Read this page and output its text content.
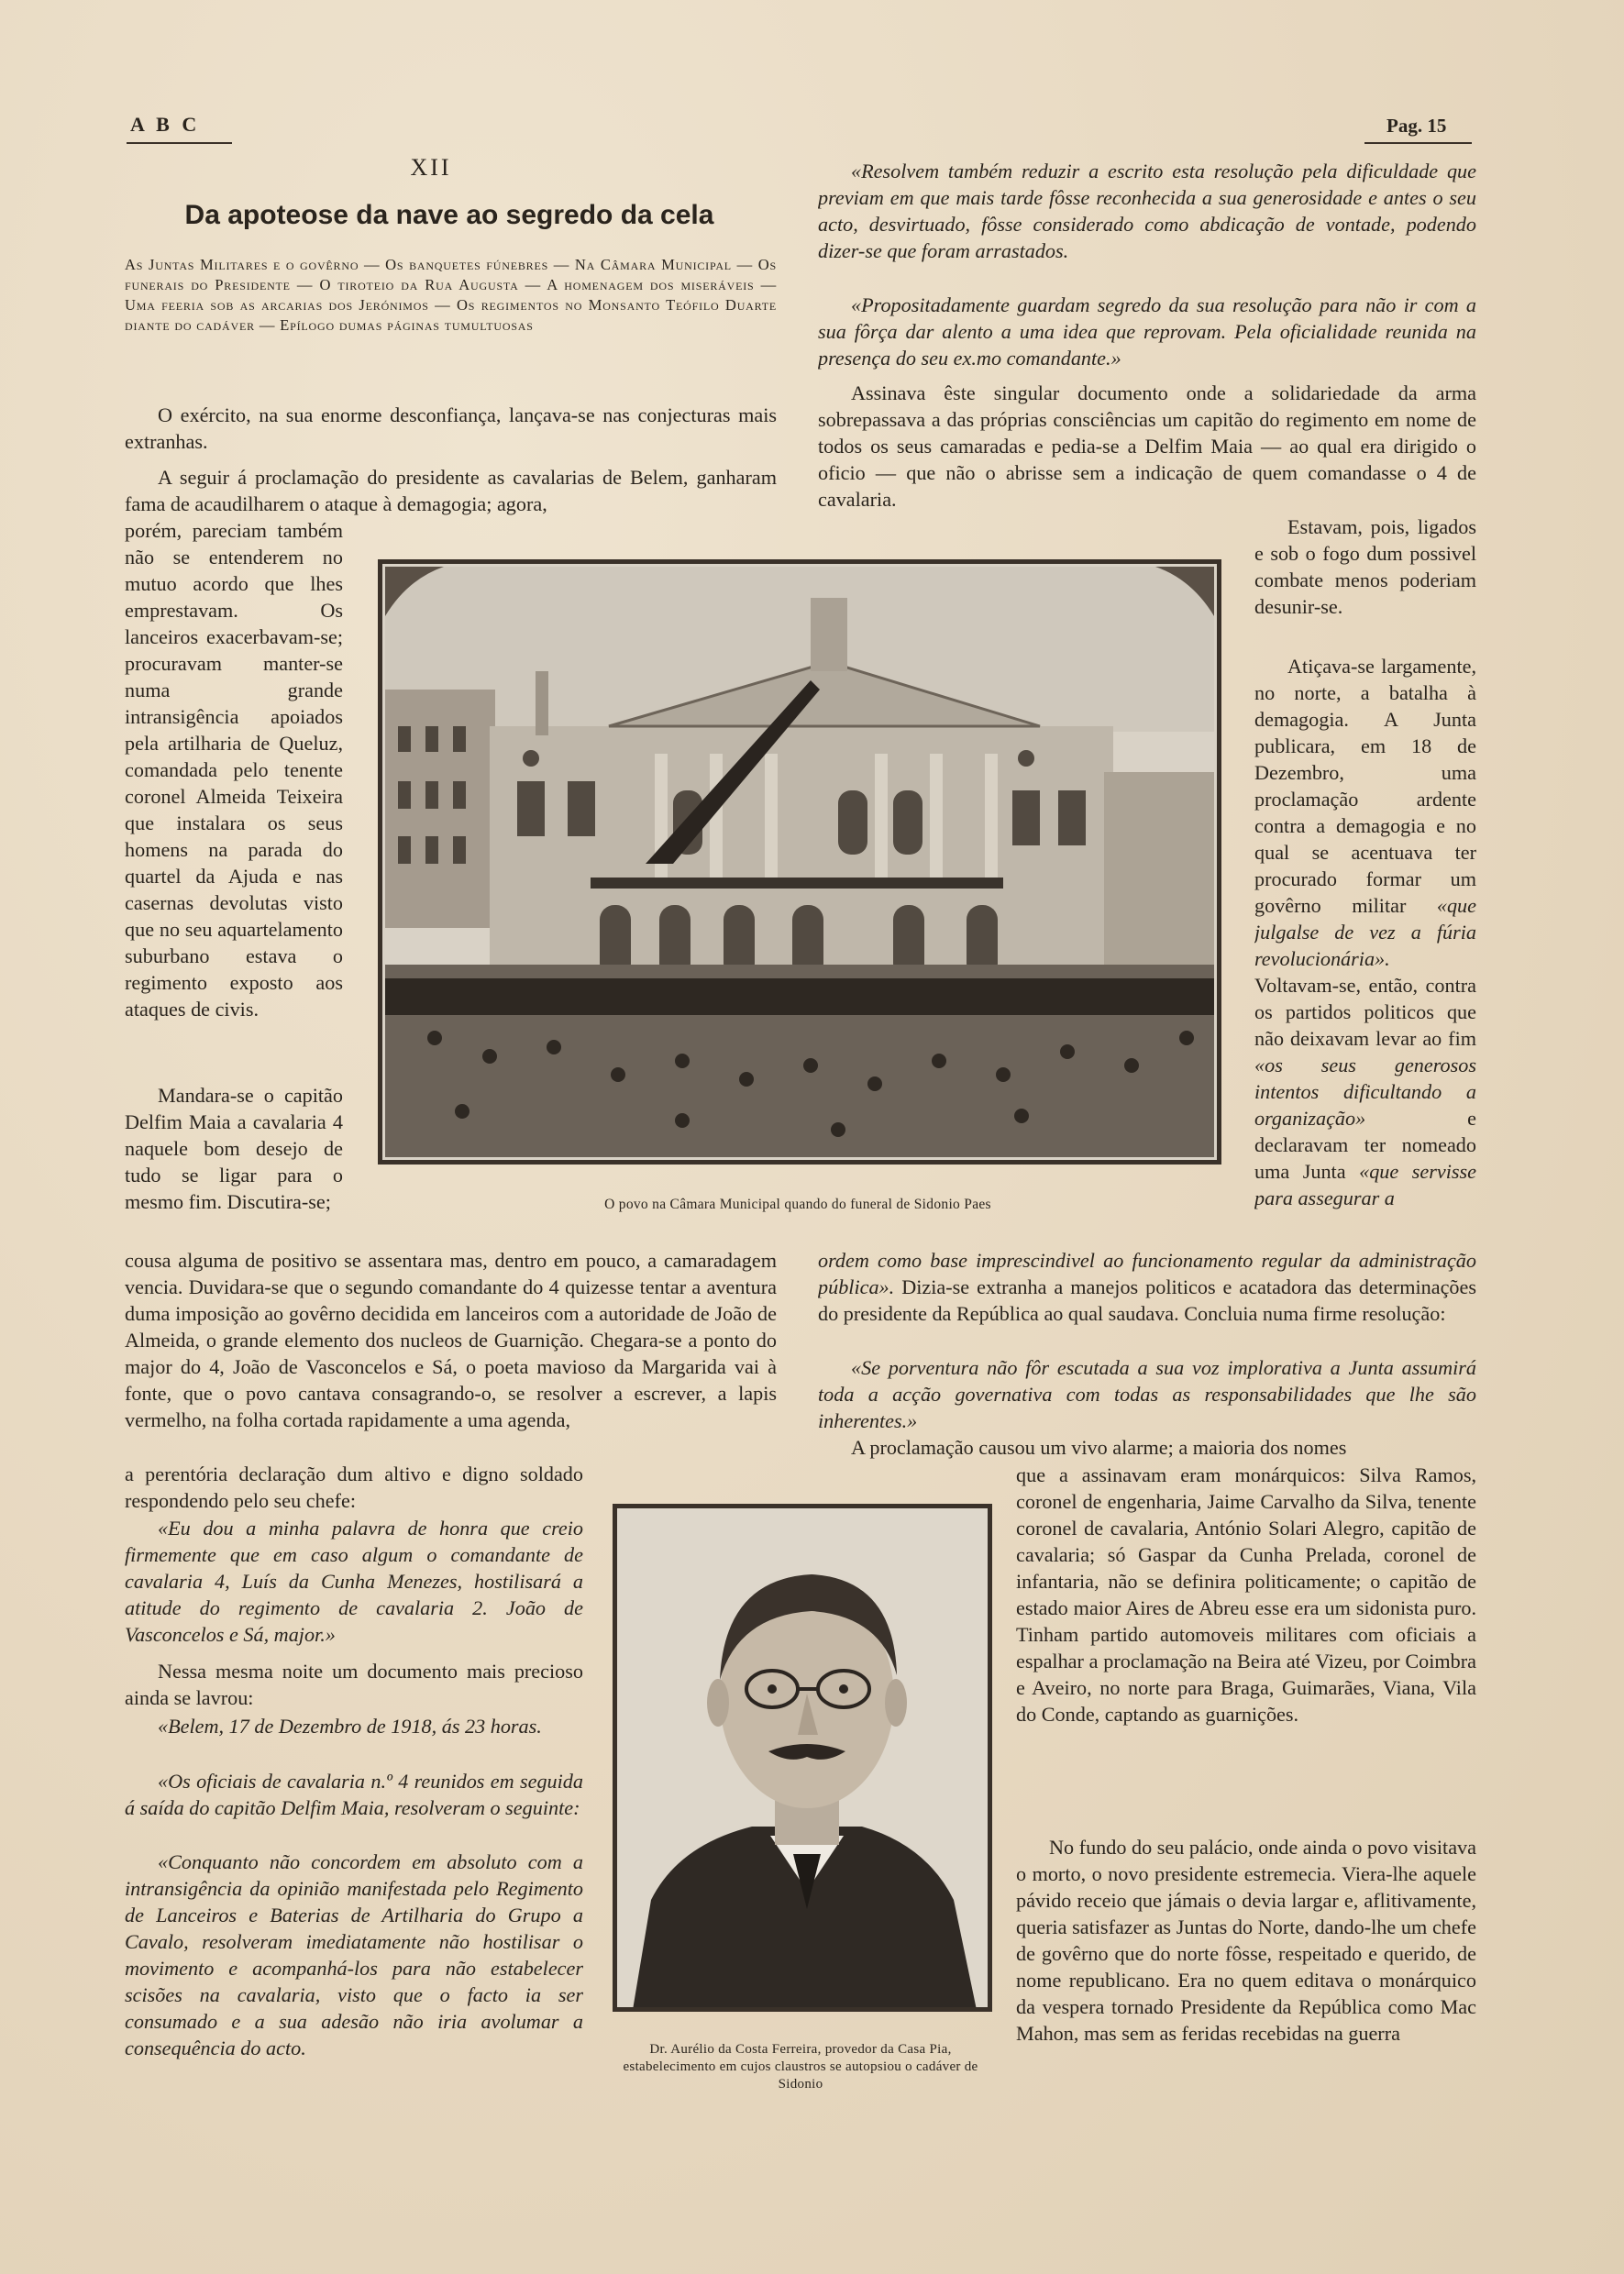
A B C	Pag. 15
XII
Da apoteose da nave ao segredo da cela
As Juntas Militares e o govêrno — Os banquetes fúnebres — Na Câmara Municipal — Os funerais do Presidente — O tiroteio da Rua Augusta — A homenagem dos miseráveis — Uma feeria sob as arcarias dos Jerónimos — Os regimentos no Monsanto Teófilo Duarte diante do cadáver — Epílogo dumas páginas tumultuosas
O exército, na sua enorme desconfiança, lançava-se nas conjecturas mais extranhas.
A seguir á proclamação do presidente as cavalarias de Belem, ganharam fama de acaudilharem o ataque à demagogia; agora,
porém, pareciam também não se entenderem no mutuo acordo que lhes emprestavam. Os lanceiros exacerbavam-se; procuravam manter-se numa grande intransigência apoiados pela artilharia de Queluz, comandada pelo tenente coronel Almeida Teixeira que instalara os seus homens na parada do quartel da Ajuda e nas casernas devolutas visto que no seu aquartelamento suburbano estava o regimento exposto aos ataques de civis.
Mandara-se o capitão Delfim Maia a cavalaria 4 naquele bom desejo de tudo se ligar para o mesmo fim. Discutira-se;
cousa alguma de positivo se assentara mas, dentro em pouco, a camaradagem vencia. Duvidara-se que o segundo comandante do 4 quizesse tentar a aventura duma imposição ao govêrno decidida em lanceiros com a autoridade de João de Almeida, o grande elemento dos nucleos de Guarnição. Chegara-se a ponto do major do 4, João de Vasconcelos e Sá, o poeta mavioso da Margarida vai à fonte, que o povo cantava consagrando-o, se resolver a escrever, a lapis vermelho, na folha cortada rapidamente a uma agenda,
a perentória declaração dum altivo e digno soldado respondendo pelo seu chefe:
«Eu dou a minha palavra de honra que creio firmemente que em caso algum o comandante de cavalaria 4, Luís da Cunha Menezes, hostilisará a atitude do regimento de cavalaria 2. João de Vasconcelos e Sá, major.»
Nessa mesma noite um documento mais precioso ainda se lavrou:
«Belem, 17 de Dezembro de 1918, ás 23 horas.
«Os oficiais de cavalaria n.º 4 reunidos em seguida á saída do capitão Delfim Maia, resolveram o seguinte:
«Conquanto não concordem em absoluto com a intransigência da opinião manifestada pelo Regimento de Lanceiros e Baterias de Artilharia do Grupo a Cavalo, resolveram imediatamente não hostilisar o movimento e acompanhá-los para não estabelecer scisões na cavalaria, visto que o facto ia ser consumado e a sua adesão não iria avolumar a consequência do acto.
«Resolvem também reduzir a escrito esta resolução pela dificuldade que previam em que mais tarde fôsse reconhecida a sua generosidade e antes o seu acto, desvirtuado, fôsse considerado como abdicação de vontade, podendo dizer-se que foram arrastados.
«Propositadamente guardam segredo da sua resolução para não ir com a sua fôrça dar alento a uma idea que reprovam. Pela oficialidade reunida na presença do seu ex.mo comandante.»
Assinava êste singular documento onde a solidariedade da arma sobrepassava a das próprias consciências um capitão do regimento em nome de todos os seus camaradas e pedia-se a Delfim Maia — ao qual era dirigido o oficio — que não o abrisse sem a indicação de quem comandasse o 4 de cavalaria.
Estavam, pois, ligados e sob o fogo dum possivel combate menos poderiam desunir-se.
Atiçava-se largamente, no norte, a batalha à demagogia. A Junta publicara, em 18 de Dezembro, uma proclamação ardente contra a demagogia e no qual se acentuava ter procurado formar um govêrno militar «que julgalse de vez a fúria revolucionária». Voltavam-se, então, contra os partidos politicos que não deixavam levar ao fim «os seus generosos intentos dificultando a organização»	e declaravam ter nomeado uma Junta «que servisse para assegurar a
ordem como base imprescindivel ao funcionamento regular da administração pública». Dizia-se extranha a manejos politicos e acatadora das determinações do presidente da República ao qual saudava. Concluia numa firme resolução:
«Se porventura não fôr escutada a sua voz implorativa a Junta assumirá toda a acção governativa com todas as responsabilidades que lhe são inherentes.»
A proclamação causou um vivo alarme; a maioria dos nomes
que a assinavam eram monárquicos: Silva Ramos, coronel de engenharia, Jaime Carvalho da Silva, tenente coronel de cavalaria, António Solari Alegro, capitão de cavalaria; só Gaspar da Cunha Prelada, coronel de infantaria, não se definira politicamente; o capitão de estado maior Aires de Abreu esse era um sidonista puro. Tinham partido automoveis militares com oficiais a espalhar a proclamação na Beira até Vizeu, por Coimbra e Aveiro, no norte para Braga, Guimarães, Viana, Vila do Conde, captando as guarnições.
No fundo do seu palácio, onde ainda o povo visitava o morto, o novo presidente estremecia. Viera-lhe aquele pávido receio que jámais o devia largar e, aflitivamente, queria satisfazer as Juntas do Norte, dando-lhe um chefe de govêrno que do norte fôsse, respeitado e querido, de nome republicano. Era no quem editava o monárquico da vespera tornado Presidente da República como Mac Mahon, mas sem as feridas recebidas na guerra
O povo na Câmara Municipal quando do funeral de Sidonio Paes
Dr. Aurélio da Costa Ferreira, provedor da Casa Pia, estabelecimento em cujos claustros se autopsiou o cadáver de Sidonio
